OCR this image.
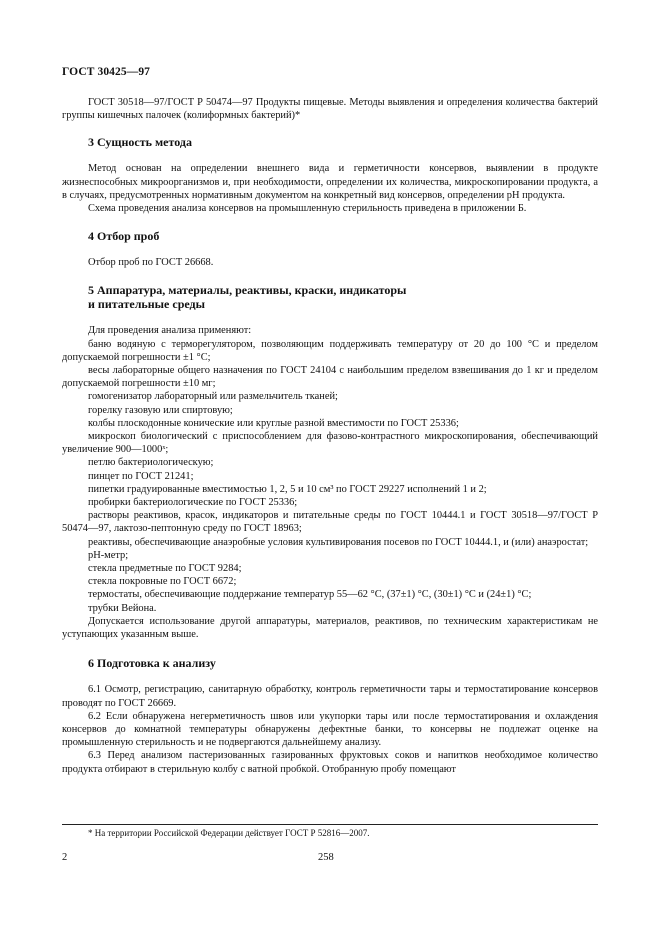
ГОСТ 30425—97

ГОСТ 30518—97/ГОСТ Р 50474—97 Продукты пищевые. Методы выявления и определения количества бактерий группы кишечных палочек (колиформных бактерий)*

3 Сущность метода

Метод основан на определении внешнего вида и герметичности консервов, выявлении в продукте жизнеспособных микроорганизмов и, при необходимости, определении их количества, микроскопировании продукта, а в случаях, предусмотренных нормативным документом на конкретный вид консервов, определении pH продукта.

Схема проведения анализа консервов на промышленную стерильность приведена в приложении Б.

4 Отбор проб

Отбор проб по ГОСТ 26668.

5 Аппаратура, материалы, реактивы, краски, индикаторы
и питательные среды

Для проведения анализа применяют:

баню водяную с терморегулятором, позволяющим поддерживать температуру от 20 до 100 °С и пределом допускаемой погрешности ±1 °С;

весы лабораторные общего назначения по ГОСТ 24104 с наибольшим пределом взвешивания до 1 кг и пределом допускаемой погрешности ±10 мг;

гомогенизатор лабораторный или размельчитель тканей;

горелку газовую или спиртовую;

колбы плоскодонные конические или круглые разной вместимости по ГОСТ 25336;

микроскоп биологический с приспособлением для фазово-контрастного микроскопирования, обеспечивающий увеличение 900—1000ˣ;

петлю бактериологическую;

пинцет по ГОСТ 21241;

пипетки градуированные вместимостью 1, 2, 5 и 10 см³ по ГОСТ 29227 исполнений 1 и 2;

пробирки бактериологические по ГОСТ 25336;

растворы реактивов, красок, индикаторов и питательные среды по ГОСТ 10444.1 и ГОСТ 30518—97/ГОСТ Р 50474—97, лактозо-пептонную среду по ГОСТ 18963;

реактивы, обеспечивающие анаэробные условия культивирования посевов по ГОСТ 10444.1, и (или) анаэростат;

pH-метр;

стекла предметные по ГОСТ 9284;

стекла покровные по ГОСТ 6672;

термостаты, обеспечивающие поддержание температур 55—62 °С, (37±1) °С, (30±1) °С и (24±1) °С;

трубки Вейона.

Допускается использование другой аппаратуры, материалов, реактивов, по техническим характеристикам не уступающих указанным выше.

6 Подготовка к анализу

6.1 Осмотр, регистрацию, санитарную обработку, контроль герметичности тары и термостатирование консервов проводят по ГОСТ 26669.

6.2 Если обнаружена негерметичность швов или укупорки тары или после термостатирования и охлаждения консервов до комнатной температуры обнаружены дефектные банки, то консервы не подлежат оценке на промышленную стерильность и не подвергаются дальнейшему анализу.

6.3 Перед анализом пастеризованных газированных фруктовых соков и напитков необходимое количество продукта отбирают в стерильную колбу с ватной пробкой. Отобранную пробу помещают

* На территории Российской Федерации действует ГОСТ Р 52816—2007.
2	258
